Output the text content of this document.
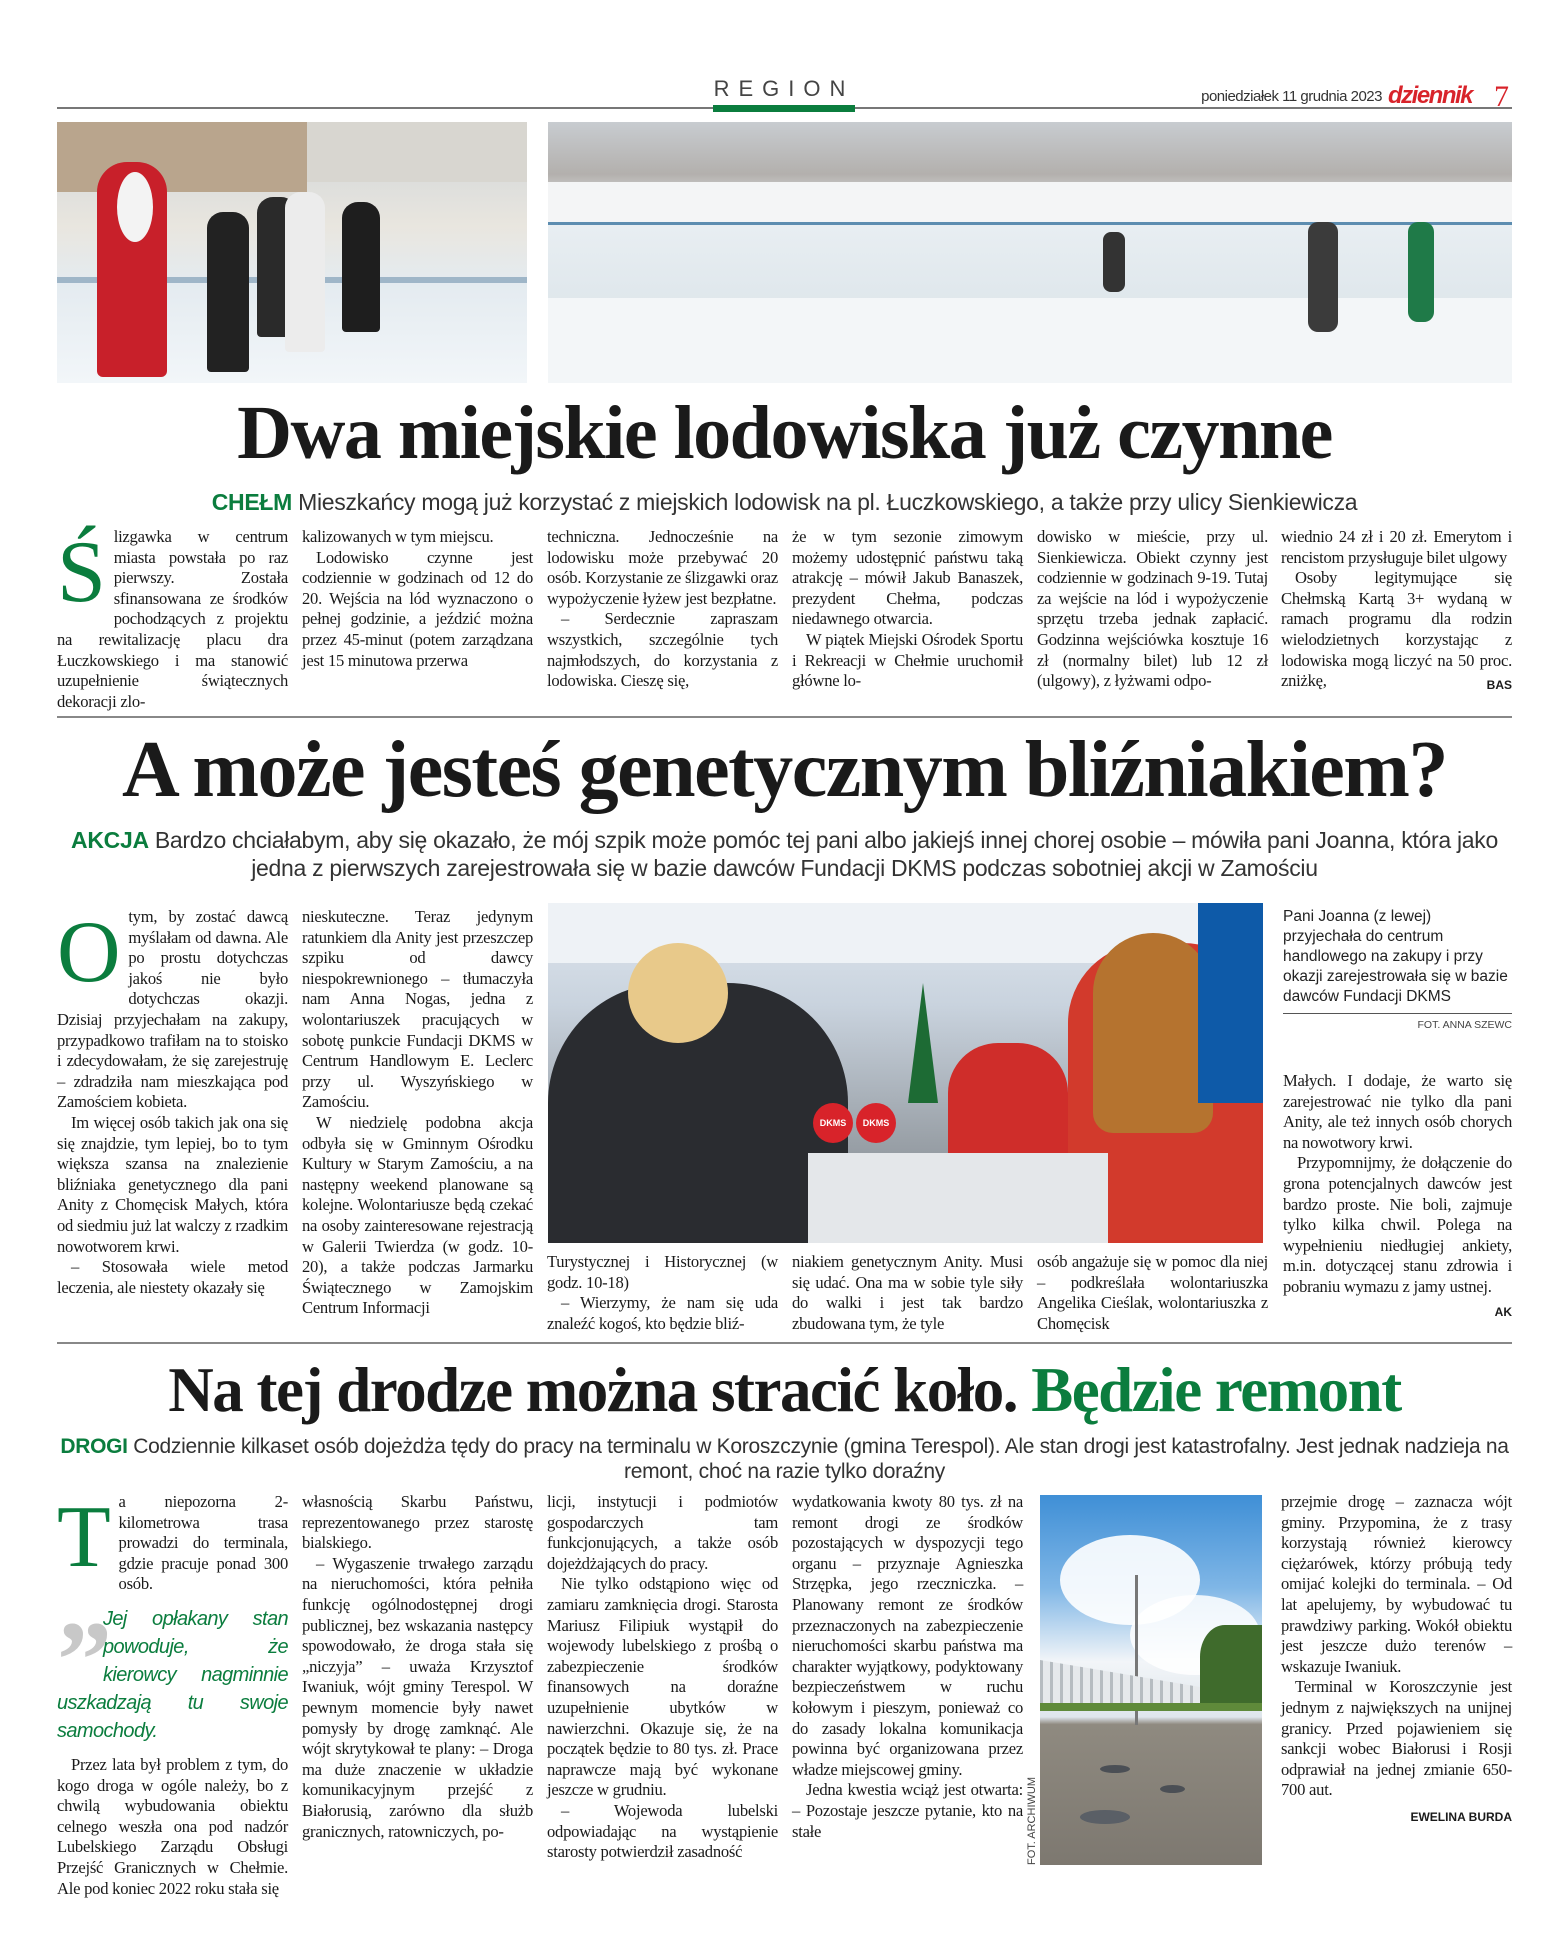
REGION	poniedziałek 11 grudnia 2023 dziennik 7
Dwa miejskie lodowiska już czynne
CHEŁM Mieszkańcy mogą już korzystać z miejskich lodowisk na pl. Łuczkowskiego, a także przy ulicy Sienkiewicza
Ś lizgawka w centrum miasta powstała po raz pierwszy. Została sfinansowana ze środków pochodzących z projektu na rewitalizację placu dra Łuczkowskiego i ma stanowić uzupełnienie świątecznych dekoracji zlo-

kalizowanych w tym miejscu.

Lodowisko czynne jest codziennie w godzinach od 12 do 20. Wejścia na lód wyznaczono o pełnej godzinie, a jeździć można przez 45-minut (potem zarządzana jest 15 minutowa przerwa

techniczna. Jednocześnie na lodowisku może przebywać 20 osób. Korzystanie ze ślizgawki oraz wypożyczenie łyżew jest bezpłatne.

– Serdecznie zapraszam wszystkich, szczególnie tych najmłodszych, do korzystania z lodowiska. Cieszę się,

że w tym sezonie zimowym możemy udostępnić państwu taką atrakcję – mówił Jakub Banaszek, prezydent Chełma, podczas niedawnego otwarcia.

W piątek Miejski Ośrodek Sportu i Rekreacji w Chełmie uruchomił główne lo-

dowisko w mieście, przy ul. Sienkiewicza. Obiekt czynny jest codziennie w godzinach 9-19. Tutaj za wejście na lód i wypożyczenie sprzętu trzeba jednak zapłacić. Godzinna wejściówka kosztuje 16 zł (normalny bilet) lub 12 zł (ulgowy), z łyżwami odpo-

wiednio 24 zł i 20 zł. Emerytom i rencistom przysługuje bilet ulgowy

Osoby legitymujące się Chełmską Kartą 3+ wydaną w ramach programu dla rodzin wielodzietnych korzystając z lodowiska mogą liczyć na 50 proc. zniżkę,	BAS

A może jesteś genetycznym bliźniakiem?
AKCJA Bardzo chciałabym, aby się okazało, że mój szpik może pomóc tej pani albo jakiejś innej chorej osobie – mówiła pani Joanna, która jako jedna z pierwszych zarejestrowała się w bazie dawców Fundacji DKMS podczas sobotniej akcji w Zamościu
O tym, by zostać dawcą myślałam od dawna. Ale po prostu dotychczas jakoś nie było dotychczas okazji. Dzisiaj przyjechałam na zakupy, przypadkowo trafiłam na to stoisko i zdecydowałam, że się zarejestruję – zdradziła nam mieszkająca pod Zamościem kobieta.

Im więcej osób takich jak ona się się znajdzie, tym lepiej, bo to tym większa szansa na znalezienie bliźniaka genetycznego dla pani Anity z Chomęcisk Małych, która od siedmiu już lat walczy z rzadkim nowotworem krwi.

– Stosowała wiele metod leczenia, ale niestety okazały się

nieskuteczne. Teraz jedynym ratunkiem dla Anity jest przeszczep szpiku od dawcy niespokrewnionego – tłumaczyła nam Anna Nogas, jedna z wolontariuszek pracujących w sobotę punkcie Fundacji DKMS w Centrum Handlowym E. Leclerc przy ul. Wyszyńskiego w Zamościu.

W niedzielę podobna akcja odbyła się w Gminnym Ośrodku Kultury w Starym Zamościu, a na następny weekend planowane są kolejne. Wolontariusze będą czekać na osoby zainteresowane rejestracją w Galerii Twierdza (w godz. 10-20), a także podczas Jarmarku Świątecznego w Zamojskim Centrum Informacji

DKMS	DKMS

Turystycznej i Historycznej (w godz. 10-18)

– Wierzymy, że nam się uda znaleźć kogoś, kto będzie bliź-

niakiem genetycznym Anity. Musi się udać. Ona ma w sobie tyle siły do walki i jest tak bardzo zbudowana tym, że tyle

osób angażuje się w pomoc dla niej – podkreślała wolontariuszka Angelika Cieślak, wolontariuszka z Chomęcisk

Pani Joanna (z lewej) przyjechała do centrum handlowego na zakupy i przy okazji zarejestrowała się w bazie dawców Fundacji DKMS
FOT. ANNA SZEWC

Małych. I dodaje, że warto się zarejestrować nie tylko dla pani Anity, ale też innych osób chorych na nowotwory krwi.

Przypomnijmy, że dołączenie do grona potencjalnych dawców jest bardzo proste. Nie boli, zajmuje tylko kilka chwil. Polega na wypełnieniu niedługiej ankiety, m.in. dotyczącej stanu zdrowia i pobraniu wymazu z jamy ustnej.
AK

Na tej drodze można stracić koło. Będzie remont
DROGI Codziennie kilkaset osób dojeżdża tędy do pracy na terminalu w Koroszczynie (gmina Terespol). Ale stan drogi jest katastrofalny. Jest jednak nadzieja na remont, choć na razie tylko doraźny
T a niepozorna 2-kilometrowa trasa prowadzi do terminala, gdzie pracuje ponad 300 osób.

”
Jej opłakany stan powoduje, że kierowcy nagminnie uszkadzają tu swoje samochody.

Przez lata był problem z tym, do kogo droga w ogóle należy, bo z chwilą wybudowania obiektu celnego weszła ona pod nadzór Lubelskiego Zarządu Obsługi Przejść Granicznych w Chełmie. Ale pod koniec 2022 roku stała się

własnością Skarbu Państwu, reprezentowanego przez starostę bialskiego.

– Wygaszenie trwałego zarządu na nieruchomości, która pełniła funkcję ogólnodostępnej drogi publicznej, bez wskazania następcy spowodowało, że droga stała się „niczyja” – uważa Krzysztof Iwaniuk, wójt gminy Terespol. W pewnym momencie były nawet pomysły by drogę zamknąć. Ale wójt skrytykował te plany: – Droga ma duże znaczenie w układzie komunikacyjnym przejść z Białorusią, zarówno dla służb granicznych, ratowniczych, po-

licji, instytucji i podmiotów gospodarczych tam funkcjonujących, a także osób dojeżdżających do pracy.

Nie tylko odstąpiono więc od zamiaru zamknięcia drogi. Starosta Mariusz Filipiuk wystąpił do wojewody lubelskiego z prośbą o zabezpieczenie środków finansowych na doraźne uzupełnienie ubytków w nawierzchni. Okazuje się, że na początek będzie to 80 tys. zł. Prace naprawcze mają być wykonane jeszcze w grudniu.

– Wojewoda lubelski odpowiadając na wystąpienie starosty potwierdził zasadność

wydatkowania kwoty 80 tys. zł na remont drogi ze środków pozostających w dyspozycji tego organu – przyznaje Agnieszka Strzępka, jego rzeczniczka. – Planowany remont ze środków przeznaczonych na zabezpieczenie nieruchomości skarbu państwa ma charakter wyjątkowy, podyktowany bezpieczeństwem w ruchu kołowym i pieszym, ponieważ co do zasady lokalna komunikacja powinna być organizowana przez władze miejscowej gminy.

Jedna kwestia wciąż jest otwarta: – Pozostaje jeszcze pytanie, kto na stałe	FOT. ARCHIWUM

przejmie drogę – zaznacza wójt gminy. Przypomina, że z trasy korzystają również kierowcy ciężarówek, którzy próbują tedy omijać kolejki do terminala. – Od lat apelujemy, by wybudować tu prawdziwy parking. Wokół obiektu jest jeszcze dużo terenów – wskazuje Iwaniuk.

Terminal w Koroszczynie jest jednym z największych na unijnej granicy. Przed pojawieniem się sankcji wobec Białorusi i Rosji odprawiał na jednej zmianie 650-700 aut.

EWELINA BURDA
